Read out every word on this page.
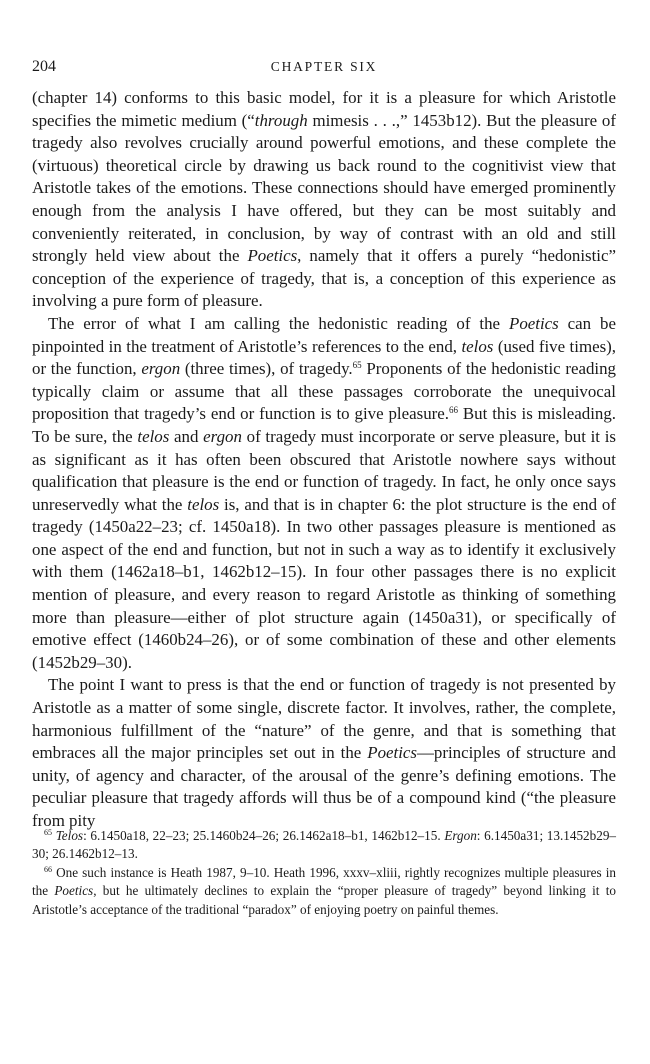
204	CHAPTER SIX

(chapter 14) conforms to this basic model, for it is a pleasure for which Aristotle specifies the mimetic medium (“through mimesis . . .,” 1453b12). But the pleasure of tragedy also revolves crucially around powerful emotions, and these complete the (virtuous) theoretical circle by drawing us back round to the cognitivist view that Aristotle takes of the emotions. These connections should have emerged prominently enough from the analysis I have offered, but they can be most suitably and conveniently reiterated, in conclusion, by way of contrast with an old and still strongly held view about the Poetics, namely that it offers a purely “hedonistic” conception of the experience of tragedy, that is, a conception of this experience as involving a pure form of pleasure.

The error of what I am calling the hedonistic reading of the Poetics can be pinpointed in the treatment of Aristotle’s references to the end, telos (used five times), or the function, ergon (three times), of tragedy.$^{65}$ Proponents of the hedonistic reading typically claim or assume that all these passages corroborate the unequivocal proposition that tragedy’s end or function is to give pleasure.$^{66}$ But this is misleading. To be sure, the telos and ergon of tragedy must incorporate or serve pleasure, but it is as significant as it has often been obscured that Aristotle nowhere says without qualification that pleasure is the end or function of tragedy. In fact, he only once says unreservedly what the telos is, and that is in chapter 6: the plot structure is the end of tragedy (1450a22–23; cf. 1450a18). In two other passages pleasure is mentioned as one aspect of the end and function, but not in such a way as to identify it exclusively with them (1462a18–b1, 1462b12–15). In four other passages there is no explicit mention of pleasure, and every reason to regard Aristotle as thinking of something more than pleasure—either of plot structure again (1450a31), or specifically of emotive effect (1460b24–26), or of some combination of these and other elements (1452b29–30).

The point I want to press is that the end or function of tragedy is not presented by Aristotle as a matter of some single, discrete factor. It involves, rather, the complete, harmonious fulfillment of the “nature” of the genre, and that is something that embraces all the major principles set out in the Poetics—principles of structure and unity, of agency and character, of the arousal of the genre’s defining emotions. The peculiar pleasure that tragedy affords will thus be of a compound kind (“the pleasure from pity

$^{65}$ Telos: 6.1450a18, 22–23; 25.1460b24–26; 26.1462a18–b1, 1462b12–15. Ergon: 6.1450a31; 13.1452b29–30; 26.1462b12–13.

$^{66}$ One such instance is Heath 1987, 9–10. Heath 1996, xxxv–xliii, rightly recognizes multiple pleasures in the Poetics, but he ultimately declines to explain the “proper pleasure of tragedy” beyond linking it to Aristotle’s acceptance of the traditional “paradox” of enjoying poetry on painful themes.
